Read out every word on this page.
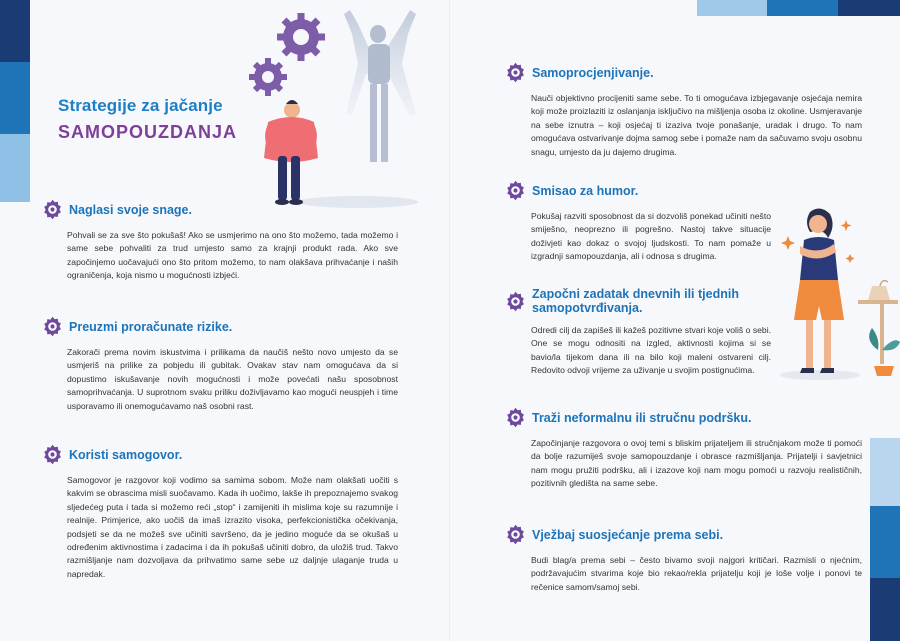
Strategije za jačanje
SAMOPOUZDANJA
Naglasi svoje snage.

Pohvali se za sve što pokušaš! Ako se usmjerimo na ono što možemo, tada možemo i same sebe pohvaliti za trud umjesto samo za krajnji produkt rada. Ako sve započinjemo uočavajući ono što pritom možemo, to nam olakšava prihvaćanje i naših ograničenja, koja nismo u mogućnosti izbjeći.

Preuzmi proračunate rizike.

Zakorači prema novim iskustvima i prilikama da naučiš nešto novo umjesto da se usmjeriš na prilike za pobjedu ili gubitak. Ovakav stav nam omogućava da si dopustimo iskušavanje novih mogućnosti i može povećati našu sposobnost samoprihvaćanja. U suprotnom svaku priliku doživljavamo kao mogući neuspjeh i time usporavamo ili onemogućavamo naš osobni rast.

Koristi samogovor.

Samogovor je razgovor koji vodimo sa samima sobom. Može nam olakšati uočiti s kakvim se obrascima misli suočavamo. Kada ih uočimo, lakše ih prepoznajemo svakog sljedećeg puta i tada si možemo reći „stop“ i zamijeniti ih mislima koje su razumnije i realnije. Primjerice, ako uočiš da imaš izrazito visoka, perfekcionistička očekivanja, podsjeti se da ne možeš sve učiniti savršeno, da je jedino moguće da se okušaš u određenim aktivnostima i zadacima i da ih pokušaš učiniti dobro, da uložiš trud. Takvo razmišljanje nam dozvoljava da prihvatimo same sebe uz daljnje ulaganje truda u napredak.

Samoprocjenjivanje.

Nauči objektivno procijeniti same sebe. To ti omogućava izbjegavanje osjećaja nemira koji može proizlaziti iz oslanjanja isključivo na mišljenja osoba iz okoline. Usmjeravanje na sebe iznutra – koji osjećaj ti izaziva tvoje ponašanje, uradak i drugo. To nam omogućava ostvarivanje dojma samog sebe i pomaže nam da sačuvamo svoju osobnu snagu, umjesto da ju dajemo drugima.

Smisao za humor.

Pokušaj razviti sposobnost da si dozvoliš ponekad učiniti nešto smiješno, neoprezno ili pogrešno. Nastoj takve situacije doživjeti kao dokaz o svojoj ljudskosti. To nam pomaže u izgradnji samopouzdanja, ali i odnosa s drugima.

Započni zadatak dnevnih ili tjednih samopotvrđivanja.

Odredi cilj da zapišeš ili kažeš pozitivne stvari koje voliš o sebi. One se mogu odnositi na izgled, aktivnosti kojima si se bavio/la tijekom dana ili na bilo koji maleni ostvareni cilj. Redovito odvoji vrijeme za uživanje u svojim postignućima.

Traži neformalnu ili stručnu podršku.

Započinjanje razgovora o ovoj temi s bliskim prijateljem ili stručnjakom može ti pomoći da bolje razumiješ svoje samopouzdanje i obrasce razmišljanja. Prijatelji i savjetnici nam mogu pružiti podršku, ali i izazove koji nam mogu pomoći u razvoju realističnih, pozitivnih gledišta na same sebe.

Vježbaj suosjećanje prema sebi.

Budi blag/a prema sebi – često bivamo svoji najgori kritičari. Razmisli o njećnim, podržavajućim stvarima koje bio rekao/rekla prijatelju koji je loše volje i ponovi te rečenice samom/samoj sebi.
